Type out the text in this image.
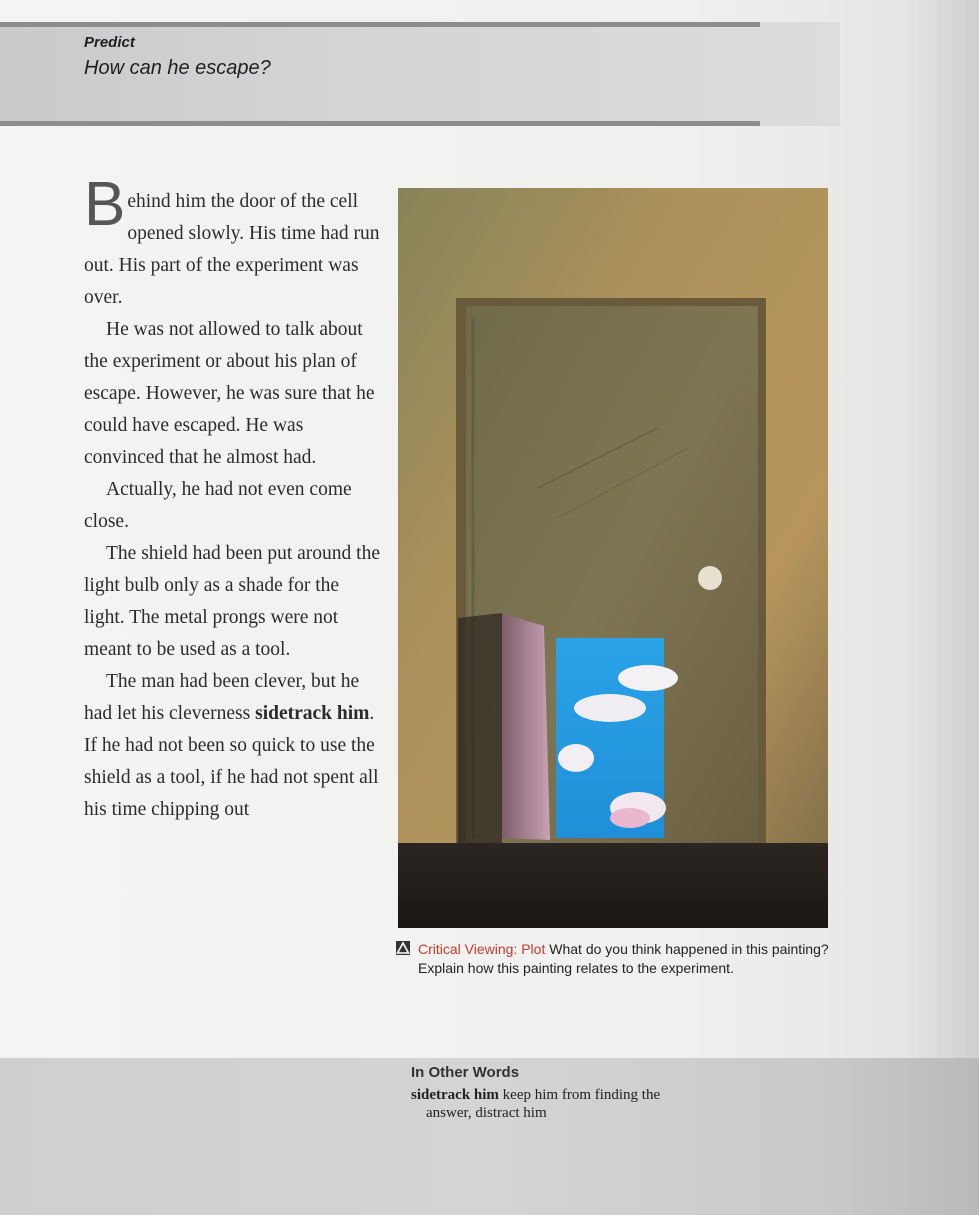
Predict
How can he escape?

Behind him the door of the cell opened slowly. His time had run out. His part of the experiment was over.

He was not allowed to talk about the experiment or about his plan of escape. However, he was sure that he could have escaped. He was convinced that he almost had.

Actually, he had not even come close.

The shield had been put around the light bulb only as a shade for the light. The metal prongs were not meant to be used as a tool.

The man had been clever, but he had let his cleverness sidetrack him. If he had not been so quick to use the shield as a tool, if he had not spent all his time chipping out

Critical Viewing: Plot What do you think happened in this painting? Explain how this painting relates to the experiment.
In Other Words
sidetrack him keep him from finding the
answer, distract him
